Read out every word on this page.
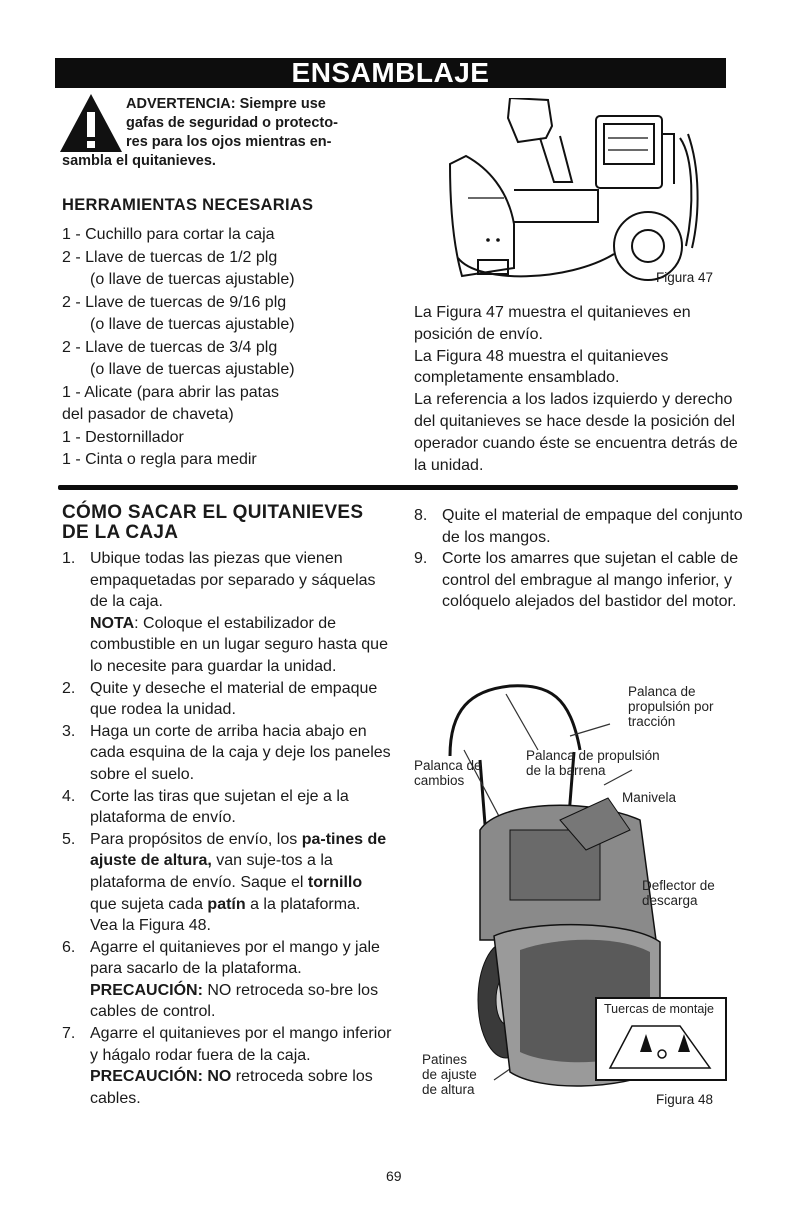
ENSAMBLAJE
ADVERTENCIA: Siempre use
gafas de seguridad o protecto-
res para los ojos mientras en-
sambla el quitanieves.
HERRAMIENTAS NECESARIAS
1 - Cuchillo para cortar la caja
2 - Llave de tuercas de 1/2 plg
(o llave de tuercas ajustable)
2 - Llave de tuercas de 9/16 plg
(o llave de tuercas ajustable)
2 - Llave de tuercas de 3/4 plg
(o llave de tuercas ajustable)
1 - Alicate (para abrir las patas
del pasador de chaveta)
1 - Destornillador
1 - Cinta o regla para medir
Figura 47

La Figura 47 muestra el quitanieves en posición de envío.

La Figura 48 muestra el quitanieves completamente ensamblado.

La referencia a los lados izquierdo y derecho del quitanieves se hace desde la posición del operador cuando éste se encuentra detrás de la unidad.

CÓMO SACAR EL QUITANIEVES
DE LA CAJA
1. Ubique todas las piezas que vienen empaquetadas por separado y sáquelas de la caja.
NOTA: Coloque el estabilizador de combustible en un lugar seguro hasta que lo necesite para guardar la unidad.
2. Quite y deseche el material de empaque que rodea la unidad.
3. Haga un corte de arriba hacia abajo en cada esquina de la caja y deje los paneles sobre el suelo.
4. Corte las tiras que sujetan el eje a la plataforma de envío.
5. Para propósitos de envío, los pa-tines de ajuste de altura, van suje-tos a la plataforma de envío. Saque el tornillo que sujeta cada patín a la plataforma. Vea la Figura 48.
6. Agarre el quitanieves por el mango y jale para sacarlo de la plataforma. PRECAUCIÓN: NO retroceda so-bre los cables de control.
7. Agarre el quitanieves por el mango inferior y hágalo rodar fuera de la caja. PRECAUCIÓN: NO retroceda sobre los cables.
8. Quite el material de empaque del conjunto de los mangos.
9. Corte los amarres que sujetan el cable de control del embrague al mango inferior, y colóquelo alejados del bastidor del motor.
Palanca de
propulsión por
tracción
Palanca de
cambios
Palanca de propulsión
de la barrena
Manivela
Deflector de
descarga
Tuercas de montaje
Patines
de ajuste
de altura
Figura 48
69
